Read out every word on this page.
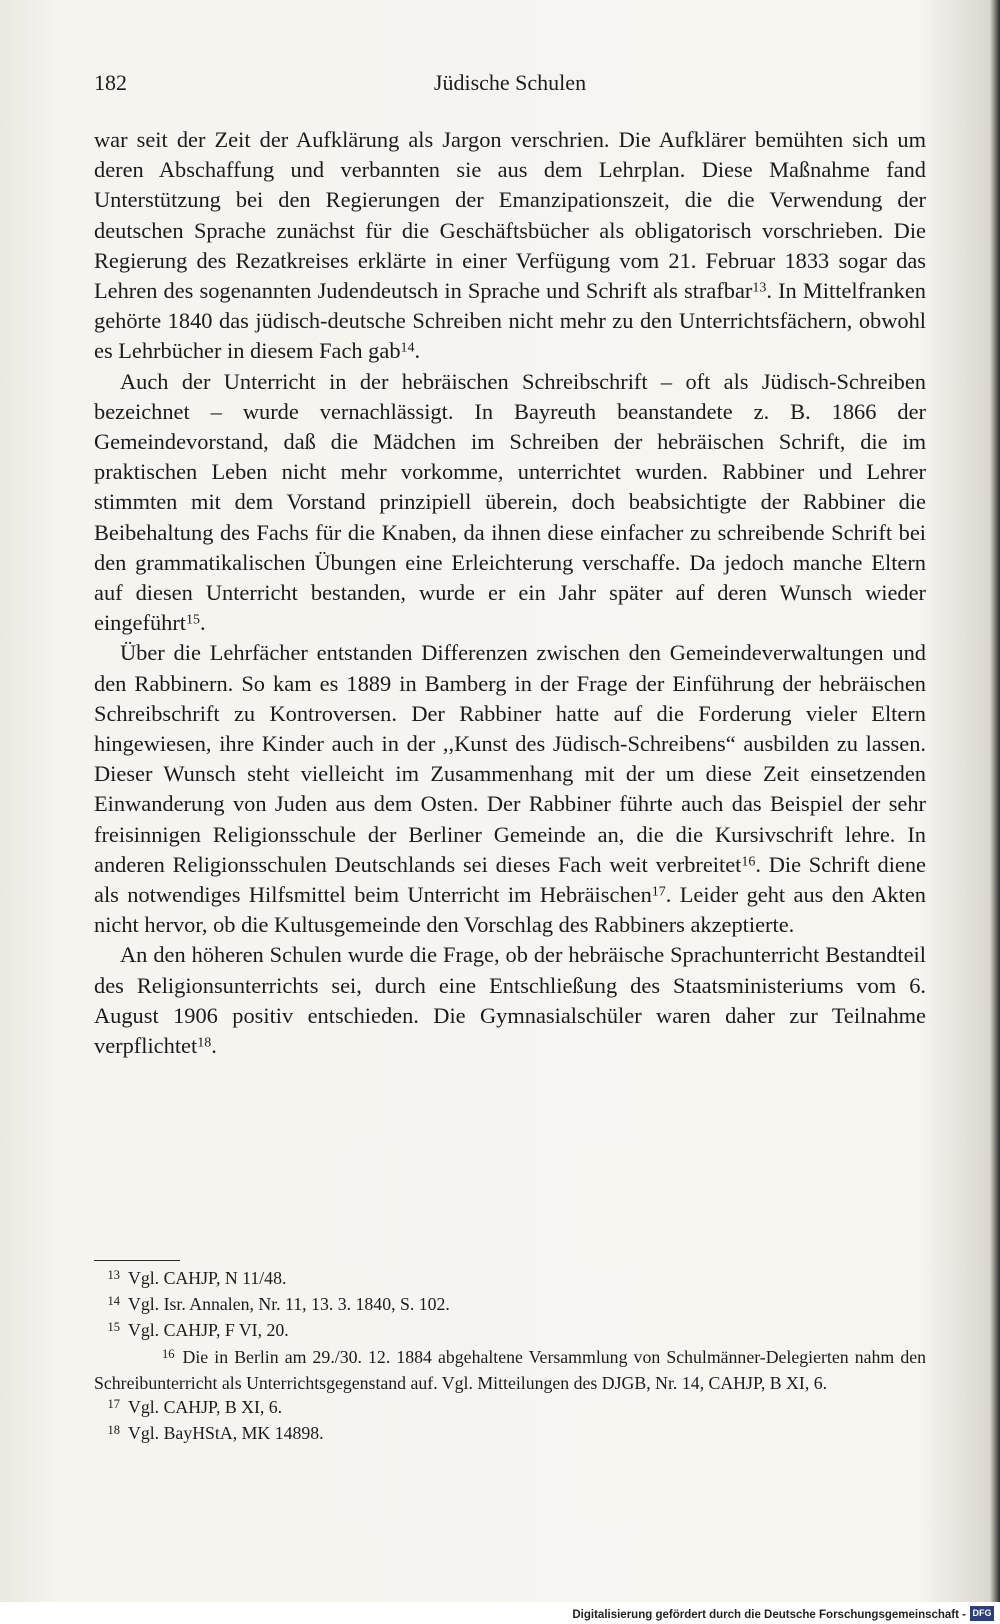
182	Jüdische Schulen

war seit der Zeit der Aufklärung als Jargon verschrien. Die Aufklärer bemühten sich um deren Abschaffung und verbannten sie aus dem Lehrplan. Diese Maßnahme fand Unterstützung bei den Regierungen der Emanzipationszeit, die die Verwendung der deutschen Sprache zunächst für die Geschäftsbücher als obligatorisch vorschrieben. Die Regierung des Rezatkreises erklärte in einer Verfügung vom 21. Februar 1833 sogar das Lehren des sogenannten Judendeutsch in Sprache und Schrift als strafbar$^{13}$. In Mittelfranken gehörte 1840 das jüdisch-deutsche Schreiben nicht mehr zu den Unterrichtsfächern, obwohl es Lehrbücher in diesem Fach gab$^{14}$.

Auch der Unterricht in der hebräischen Schreibschrift – oft als Jüdisch-Schreiben bezeichnet – wurde vernachlässigt. In Bayreuth beanstandete z. B. 1866 der Gemeindevorstand, daß die Mädchen im Schreiben der hebräischen Schrift, die im praktischen Leben nicht mehr vorkomme, unterrichtet wurden. Rabbiner und Lehrer stimmten mit dem Vorstand prinzipiell überein, doch beabsichtigte der Rabbiner die Beibehaltung des Fachs für die Knaben, da ihnen diese einfacher zu schreibende Schrift bei den grammatikalischen Übungen eine Erleichterung verschaffe. Da jedoch manche Eltern auf diesen Unterricht bestanden, wurde er ein Jahr später auf deren Wunsch wieder eingeführt$^{15}$.

Über die Lehrfächer entstanden Differenzen zwischen den Gemeindeverwaltungen und den Rabbinern. So kam es 1889 in Bamberg in der Frage der Einführung der hebräischen Schreibschrift zu Kontroversen. Der Rabbiner hatte auf die Forderung vieler Eltern hingewiesen, ihre Kinder auch in der ,,Kunst des Jüdisch-Schreibens“ ausbilden zu lassen. Dieser Wunsch steht vielleicht im Zusammenhang mit der um diese Zeit einsetzenden Einwanderung von Juden aus dem Osten. Der Rabbiner führte auch das Beispiel der sehr freisinnigen Religionsschule der Berliner Gemeinde an, die die Kursivschrift lehre. In anderen Religionsschulen Deutschlands sei dieses Fach weit verbreitet$^{16}$. Die Schrift diene als notwendiges Hilfsmittel beim Unterricht im Hebräischen$^{17}$. Leider geht aus den Akten nicht hervor, ob die Kultusgemeinde den Vorschlag des Rabbiners akzeptierte.

An den höheren Schulen wurde die Frage, ob der hebräische Sprachunterricht Bestandteil des Religionsunterrichts sei, durch eine Entschließung des Staatsministeriums vom 6. August 1906 positiv entschieden. Die Gymnasialschüler waren daher zur Teilnahme verpflichtet$^{18}$.

13 Vgl. CAHJP, N 11/48.

14 Vgl. Isr. Annalen, Nr. 11, 13. 3. 1840, S. 102.

15 Vgl. CAHJP, F VI, 20.

16 Die in Berlin am 29./30. 12. 1884 abgehaltene Versammlung von Schulmänner-Delegierten nahm den Schreibunterricht als Unterrichtsgegenstand auf. Vgl. Mitteilungen des DJGB, Nr. 14, CAHJP, B XI, 6.

17 Vgl. CAHJP, B XI, 6.

18 Vgl. BayHStA, MK 14898.

Digitalisierung gefördert durch die Deutsche Forschungsgemeinschaft - DFG
